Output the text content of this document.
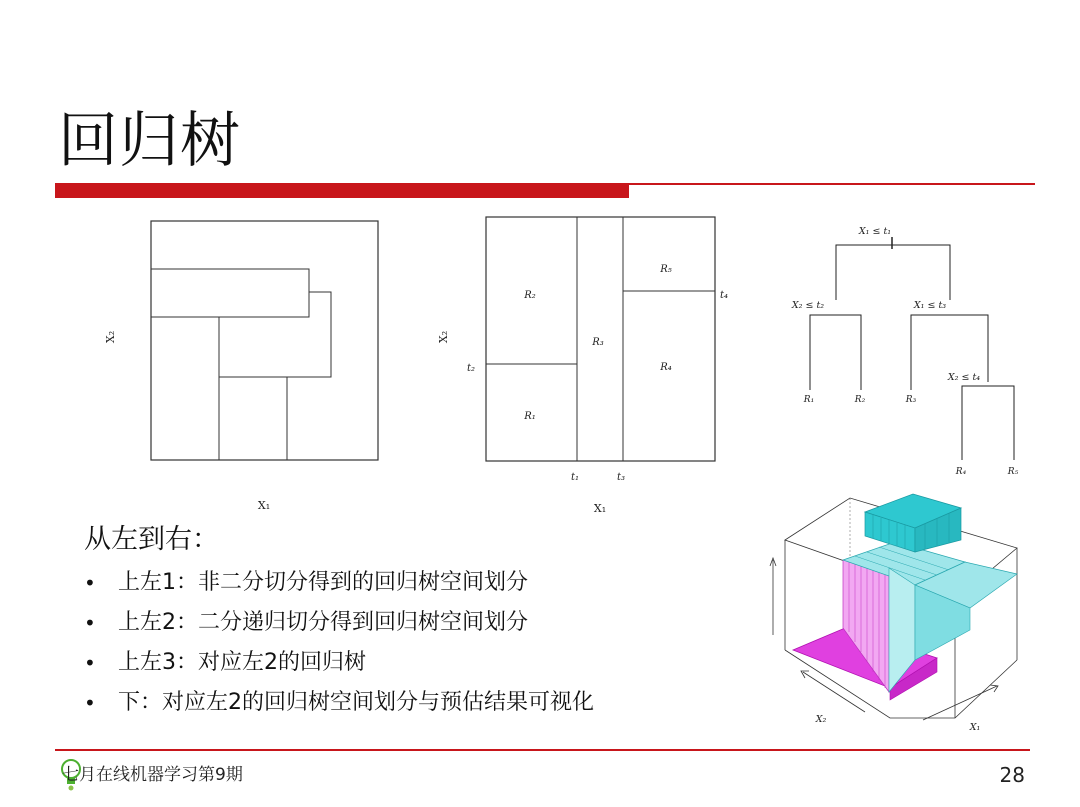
回归树
X₁
X₂
R₂
R₁
R₃
R₄
R₅
t₁	t₃
t₂
t₄
X₁
X₂
X₁ ≤ t₁
X₂ ≤ t₂	X₁ ≤ t₃
X₂ ≤ t₄
R₁	R₂	R₃
R₄	R₅
X₂
X₁
从左到右：
• 上左1：非二分切分得到的回归树空间划分
• 上左2：二分递归切分得到回归树空间划分
• 上左3：对应左2的回归树
• 下：对应左2的回归树空间划分与预估结果可视化
七月在线机器学习第9期	28
